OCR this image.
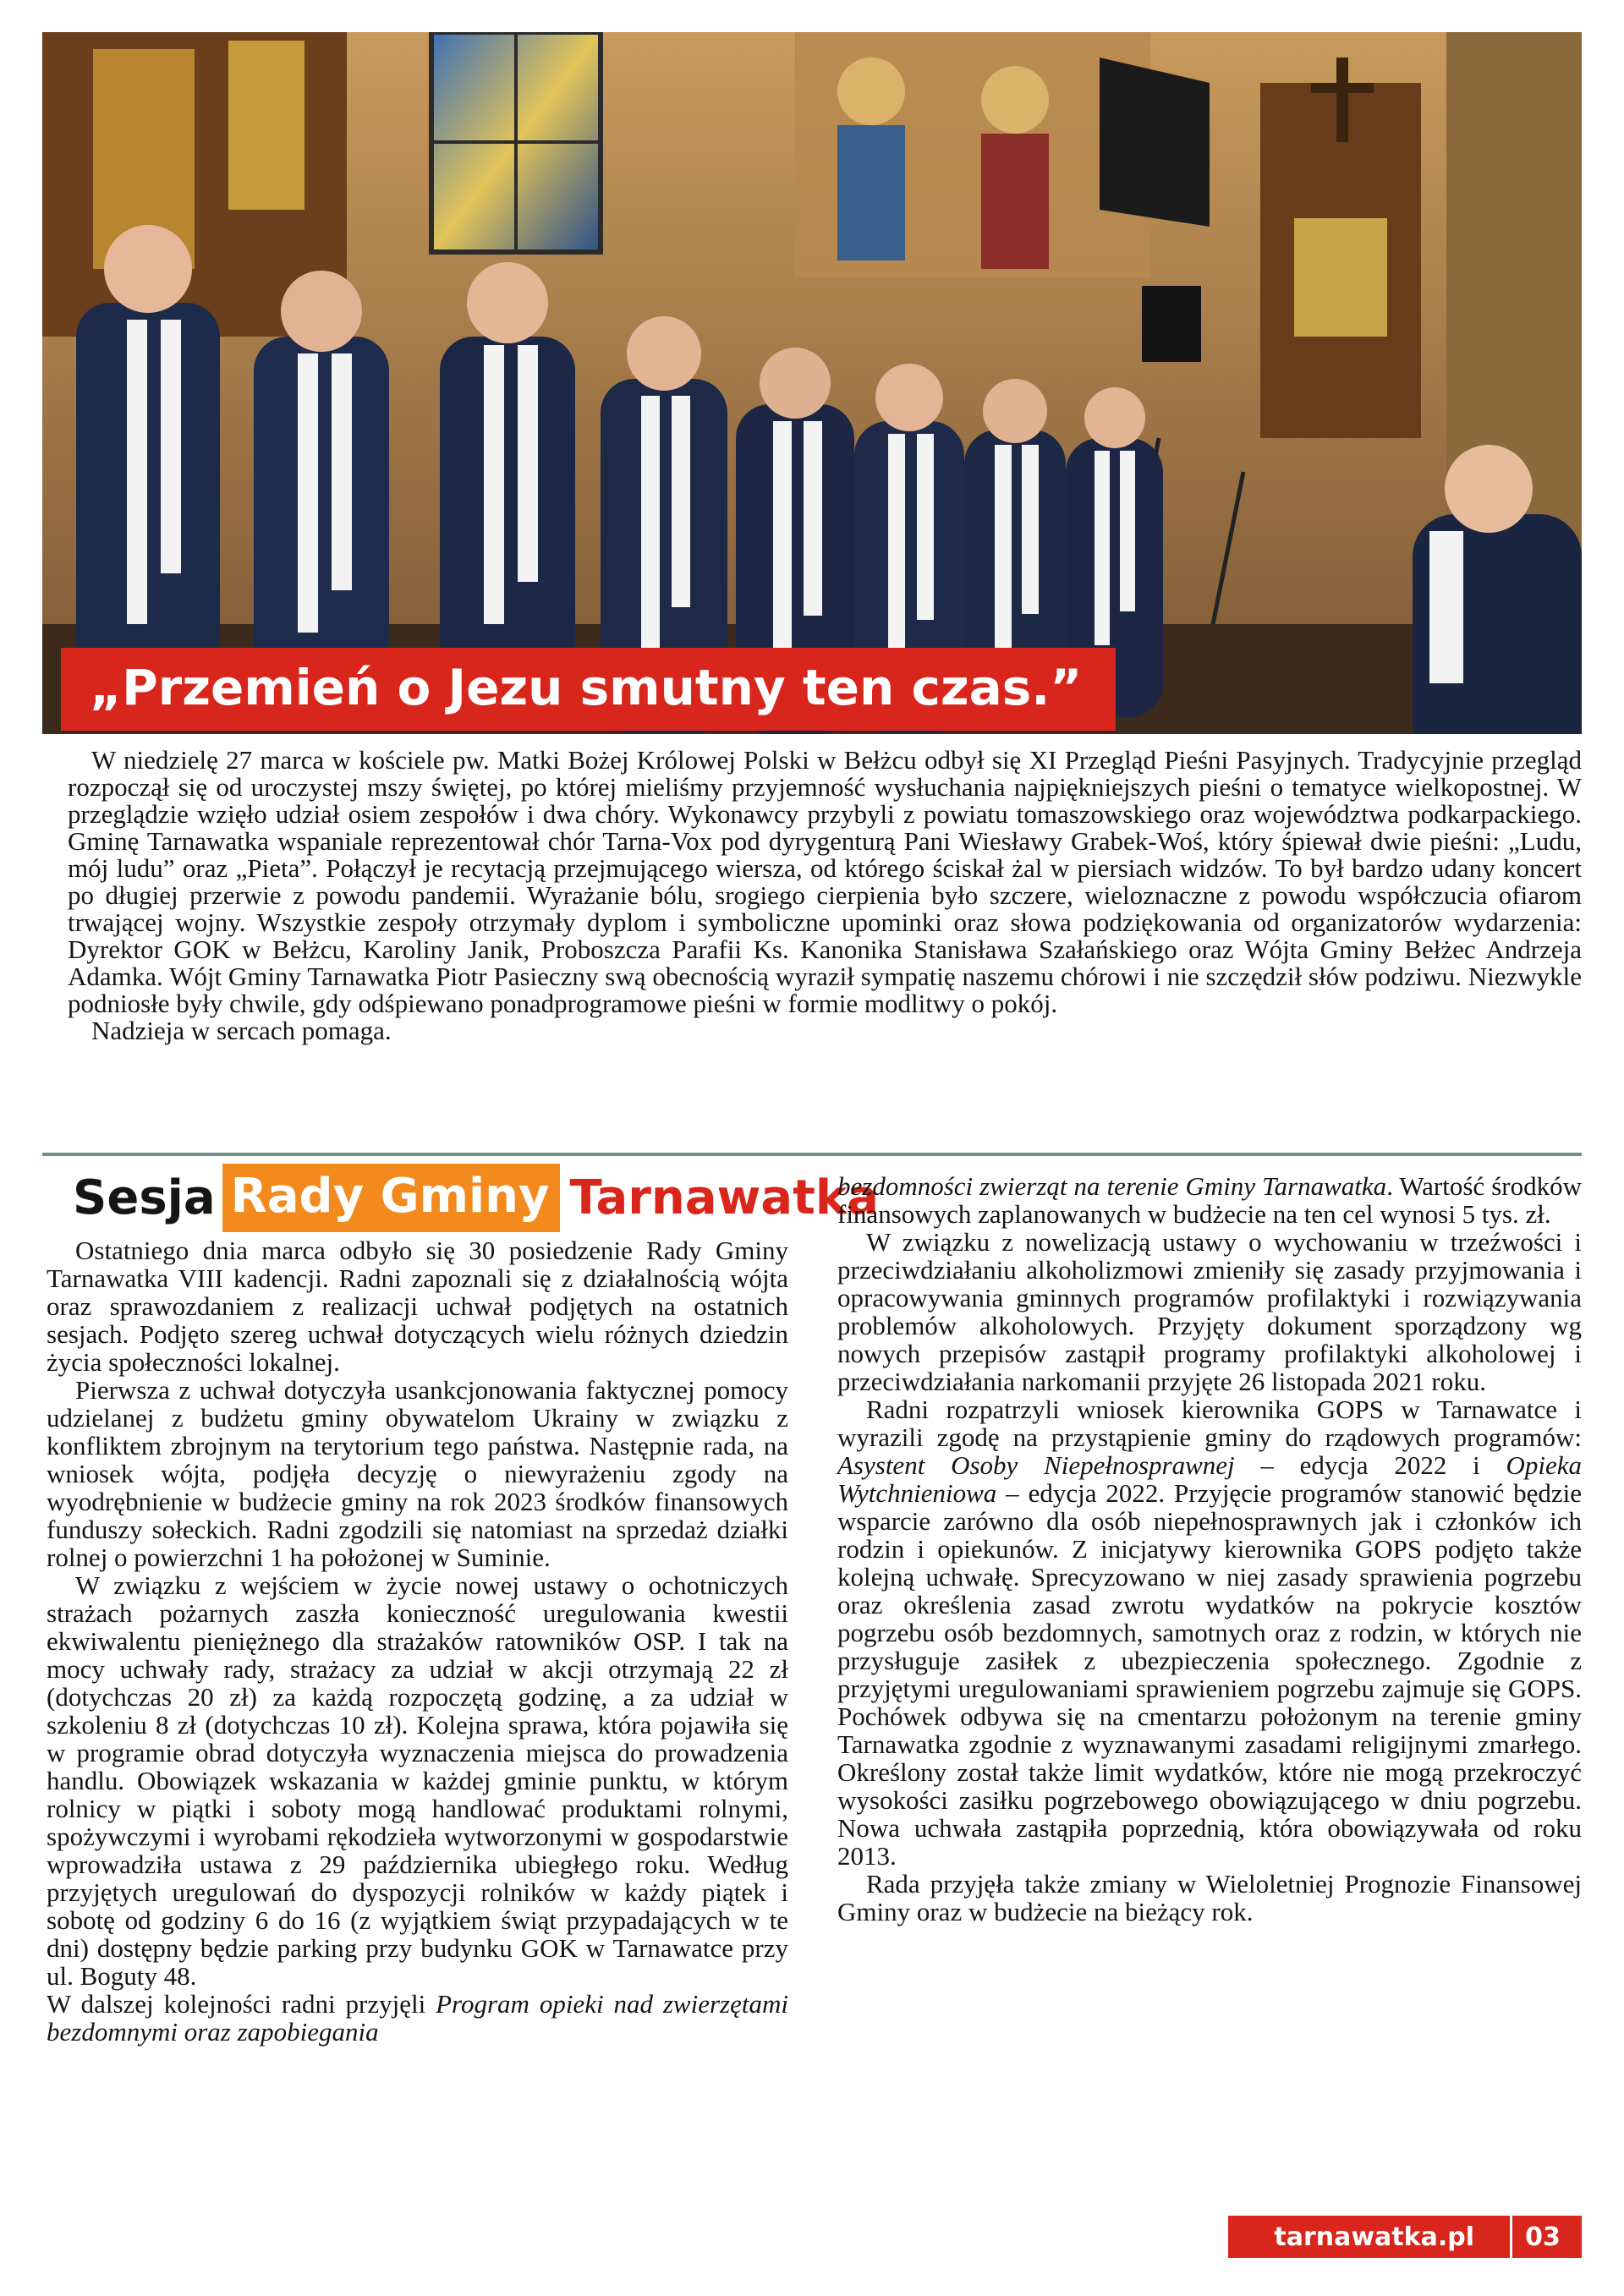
„Przemień o Jezu smutny ten czas.”

W niedzielę 27 marca w kościele pw. Matki Bożej Królowej Polski w Bełżcu odbył się XI Przegląd Pieśni Pasyjnych. Tradycyjnie przegląd rozpoczął się od uroczystej mszy świętej, po której mieliśmy przyjemność wysłuchania najpiękniejszych pieśni o tematyce wielkopostnej. W przeglądzie wzięło udział osiem zespołów i dwa chóry. Wykonawcy przybyli z powiatu tomaszowskiego oraz województwa podkarpackiego. Gminę Tarnawatka wspaniale reprezentował chór Tarna-Vox pod dyrygenturą Pani Wiesławy Grabek-Woś, który śpiewał dwie pieśni: „Ludu, mój ludu” oraz „Pieta”. Połączył je recytacją przejmującego wiersza, od którego ściskał żal w piersiach widzów. To był bardzo udany koncert po długiej przerwie z powodu pandemii. Wyrażanie bólu, srogiego cierpienia było szczere, wieloznaczne z powodu współczucia ofiarom trwającej wojny. Wszystkie zespoły otrzymały dyplom i symboliczne upominki oraz słowa podziękowania od organizatorów wydarzenia: Dyrektor GOK w Bełżcu, Karoliny Janik, Proboszcza Parafii Ks. Kanonika Stanisława Szałańskiego oraz Wójta Gminy Bełżec Andrzeja Adamka. Wójt Gminy Tarnawatka Piotr Pasieczny swą obecnością wyraził sympatię naszemu chórowi i nie szczędził słów podziwu. Niezwykle podniosłe były chwile, gdy odśpiewano ponadprogramowe pieśni w formie modlitwy o pokój.

Nadzieja w sercach pomaga.

Sesja Rady Gminy Tarnawatka

Ostatniego dnia marca odbyło się 30 posiedzenie Rady Gminy Tarnawatka VIII kadencji. Radni zapoznali się z działalnością wójta oraz sprawozdaniem z realizacji uchwał podjętych na ostatnich sesjach. Podjęto szereg uchwał dotyczących wielu różnych dziedzin życia społeczności lokalnej.

Pierwsza z uchwał dotyczyła usankcjonowania faktycznej pomocy udzielanej z budżetu gminy obywatelom Ukrainy w związku z konfliktem zbrojnym na terytorium tego państwa. Następnie rada, na wniosek wójta, podjęła decyzję o niewyrażeniu zgody na wyodrębnienie w budżecie gminy na rok 2023 środków finansowych funduszy sołeckich. Radni zgodzili się natomiast na sprzedaż działki rolnej o powierzchni 1 ha położonej w Suminie.

W związku z wejściem w życie nowej ustawy o ochotniczych strażach pożarnych zaszła konieczność uregulowania kwestii ekwiwalentu pieniężnego dla strażaków ratowników OSP. I tak na mocy uchwały rady, strażacy za udział w akcji otrzymają 22 zł (dotychczas 20 zł) za każdą rozpoczętą godzinę, a za udział w szkoleniu 8 zł (dotychczas 10 zł). Kolejna sprawa, która pojawiła się w programie obrad dotyczyła wyznaczenia miejsca do prowadzenia handlu. Obowiązek wskazania w każdej gminie punktu, w którym rolnicy w piątki i soboty mogą handlować produktami rolnymi, spożywczymi i wyrobami rękodzieła wytworzonymi w gospodarstwie wprowadziła ustawa z 29 października ubiegłego roku. Według przyjętych uregulowań do dyspozycji rolników w każdy piątek i sobotę od godziny 6 do 16 (z wyjątkiem świąt przypadających w te dni) dostępny będzie parking przy budynku GOK w Tarnawatce przy ul. Boguty 48.

W dalszej kolejności radni przyjęli Program opieki nad zwierzętami bezdomnymi oraz zapobiegania

bezdomności zwierząt na terenie Gminy Tarnawatka. Wartość środków finansowych zaplanowanych w budżecie na ten cel wynosi 5 tys. zł.

W związku z nowelizacją ustawy o wychowaniu w trzeźwości i przeciwdziałaniu alkoholizmowi zmieniły się zasady przyjmowania i opracowywania gminnych programów profilaktyki i rozwiązywania problemów alkoholowych. Przyjęty dokument sporządzony wg nowych przepisów zastąpił programy profilaktyki alkoholowej i przeciwdziałania narkomanii przyjęte 26 listopada 2021 roku.

Radni rozpatrzyli wniosek kierownika GOPS w Tarnawatce i wyrazili zgodę na przystąpienie gminy do rządowych programów: Asystent Osoby Niepełnosprawnej – edycja 2022 i Opieka Wytchnieniowa – edycja 2022. Przyjęcie programów stanowić będzie wsparcie zarówno dla osób niepełnosprawnych jak i członków ich rodzin i opiekunów. Z inicjatywy kierownika GOPS podjęto także kolejną uchwałę. Sprecyzowano w niej zasady sprawienia pogrzebu oraz określenia zasad zwrotu wydatków na pokrycie kosztów pogrzebu osób bezdomnych, samotnych oraz z rodzin, w których nie przysługuje zasiłek z ubezpieczenia społecznego. Zgodnie z przyjętymi uregulowaniami sprawieniem pogrzebu zajmuje się GOPS. Pochówek odbywa się na cmentarzu położonym na terenie gminy Tarnawatka zgodnie z wyznawanymi zasadami religijnymi zmarłego. Określony został także limit wydatków, które nie mogą przekroczyć wysokości zasiłku pogrzebowego obowiązującego w dniu pogrzebu. Nowa uchwała zastąpiła poprzednią, która obowiązywała od roku 2013.

Rada przyjęła także zmiany w Wieloletniej Prognozie Finansowej Gminy oraz w budżecie na bieżący rok.

tarnawatka.pl	03
